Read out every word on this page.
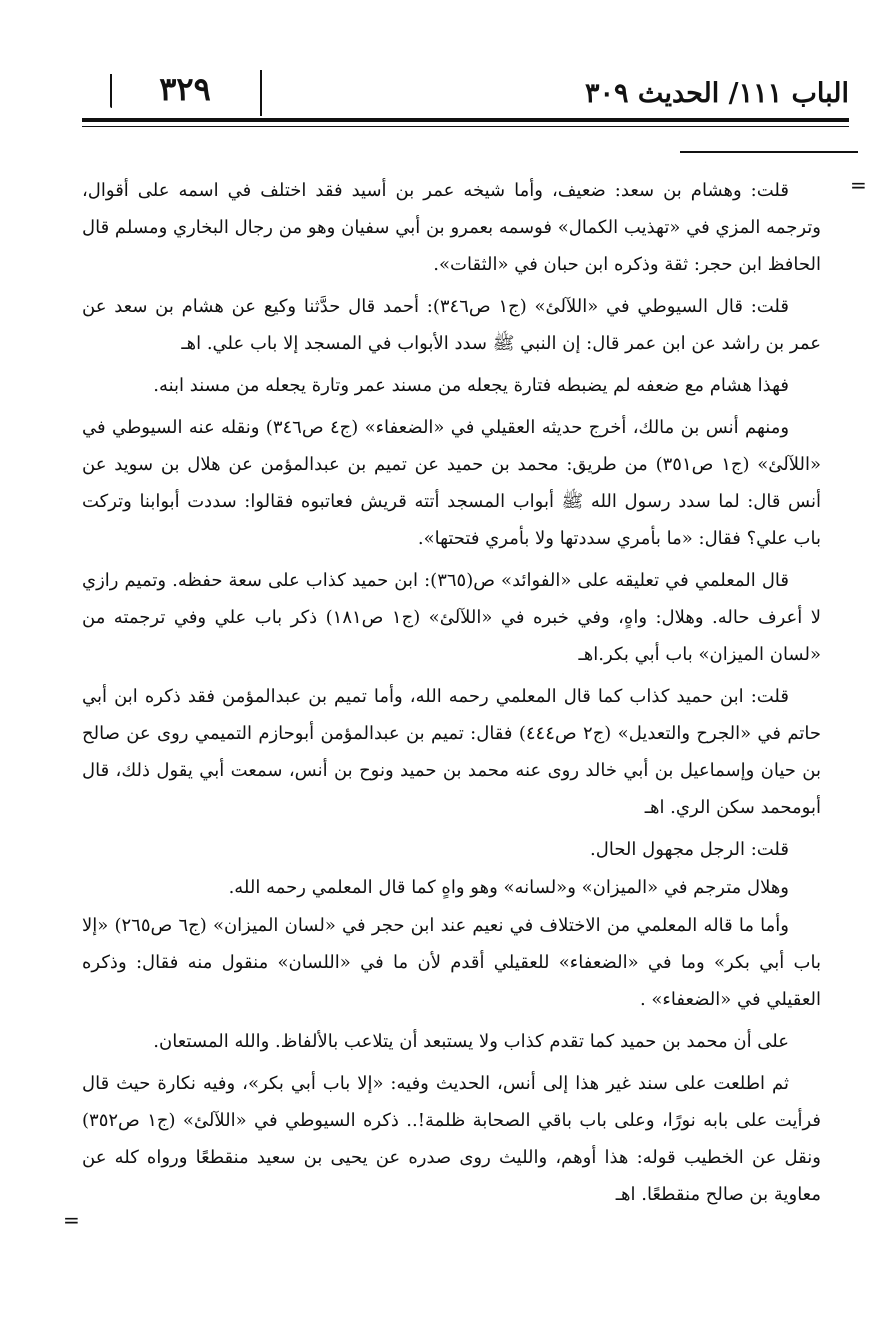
الباب ١١١/ الحديث ٣٠٩
٣٢٩
=
=

قلت: وهشام بن سعد: ضعيف، وأما شيخه عمر بن أسيد فقد اختلف في اسمه على أقوال، وترجمه المزي في «تهذيب الكمال» فوسمه بعمرو بن أبي سفيان وهو من رجال البخاري ومسلم قال الحافظ ابن حجر: ثقة وذكره ابن حبان في «الثقات».

قلت: قال السيوطي في «اللآلئ» (ج١ ص٣٤٦): أحمد قال حدَّثنا وكيع عن هشام بن سعد عن عمر بن راشد عن ابن عمر قال: إن النبي ﷺ سدد الأبواب في المسجد إلا باب علي. اهـ

فهذا هشام مع ضعفه لم يضبطه فتارة يجعله من مسند عمر وتارة يجعله من مسند ابنه.

ومنهم أنس بن مالك، أخرج حديثه العقيلي في «الضعفاء» (ج٤ ص٣٤٦) ونقله عنه السيوطي في «اللآلئ» (ج١ ص٣٥١) من طريق: محمد بن حميد عن تميم بن عبدالمؤمن عن هلال بن سويد عن أنس قال: لما سدد رسول الله ﷺ أبواب المسجد أتته قريش فعاتبوه فقالوا: سددت أبوابنا وتركت باب علي؟ فقال: «ما بأمري سددتها ولا بأمري فتحتها».

قال المعلمي في تعليقه على «الفوائد» ص(٣٦٥): ابن حميد كذاب على سعة حفظه. وتميم رازي لا أعرف حاله. وهلال: واهٍ، وفي خبره في «اللآلئ» (ج١ ص١٨١) ذكر باب علي وفي ترجمته من «لسان الميزان» باب أبي بكر.اهـ

قلت: ابن حميد كذاب كما قال المعلمي رحمه الله، وأما تميم بن عبدالمؤمن فقد ذكره ابن أبي حاتم في «الجرح والتعديل» (ج٢ ص٤٤٤) فقال: تميم بن عبدالمؤمن أبوحازم التميمي روى عن صالح بن حيان وإسماعيل بن أبي خالد روى عنه محمد بن حميد ونوح بن أنس، سمعت أبي يقول ذلك، قال أبومحمد سكن الري. اهـ

قلت: الرجل مجهول الحال.

وهلال مترجم في «الميزان» و«لسانه» وهو واهٍ كما قال المعلمي رحمه الله.

وأما ما قاله المعلمي من الاختلاف في نعيم عند ابن حجر في «لسان الميزان» (ج٦ ص٢٦٥) «إلا باب أبي بكر» وما في «الضعفاء» للعقيلي أقدم لأن ما في «اللسان» منقول منه فقال: وذكره العقيلي في «الضعفاء» .

على أن محمد بن حميد كما تقدم كذاب ولا يستبعد أن يتلاعب بالألفاظ. والله المستعان.

ثم اطلعت على سند غير هذا إلى أنس، الحديث وفيه: «إلا باب أبي بكر»، وفيه نكارة حيث قال فرأيت على بابه نورًا، وعلى باب باقي الصحابة ظلمة!.. ذكره السيوطي في «اللآلئ» (ج١ ص٣٥٢) ونقل عن الخطيب قوله: هذا أوهم، والليث روى صدره عن يحيى بن سعيد منقطعًا ورواه كله عن معاوية بن صالح منقطعًا. اهـ
